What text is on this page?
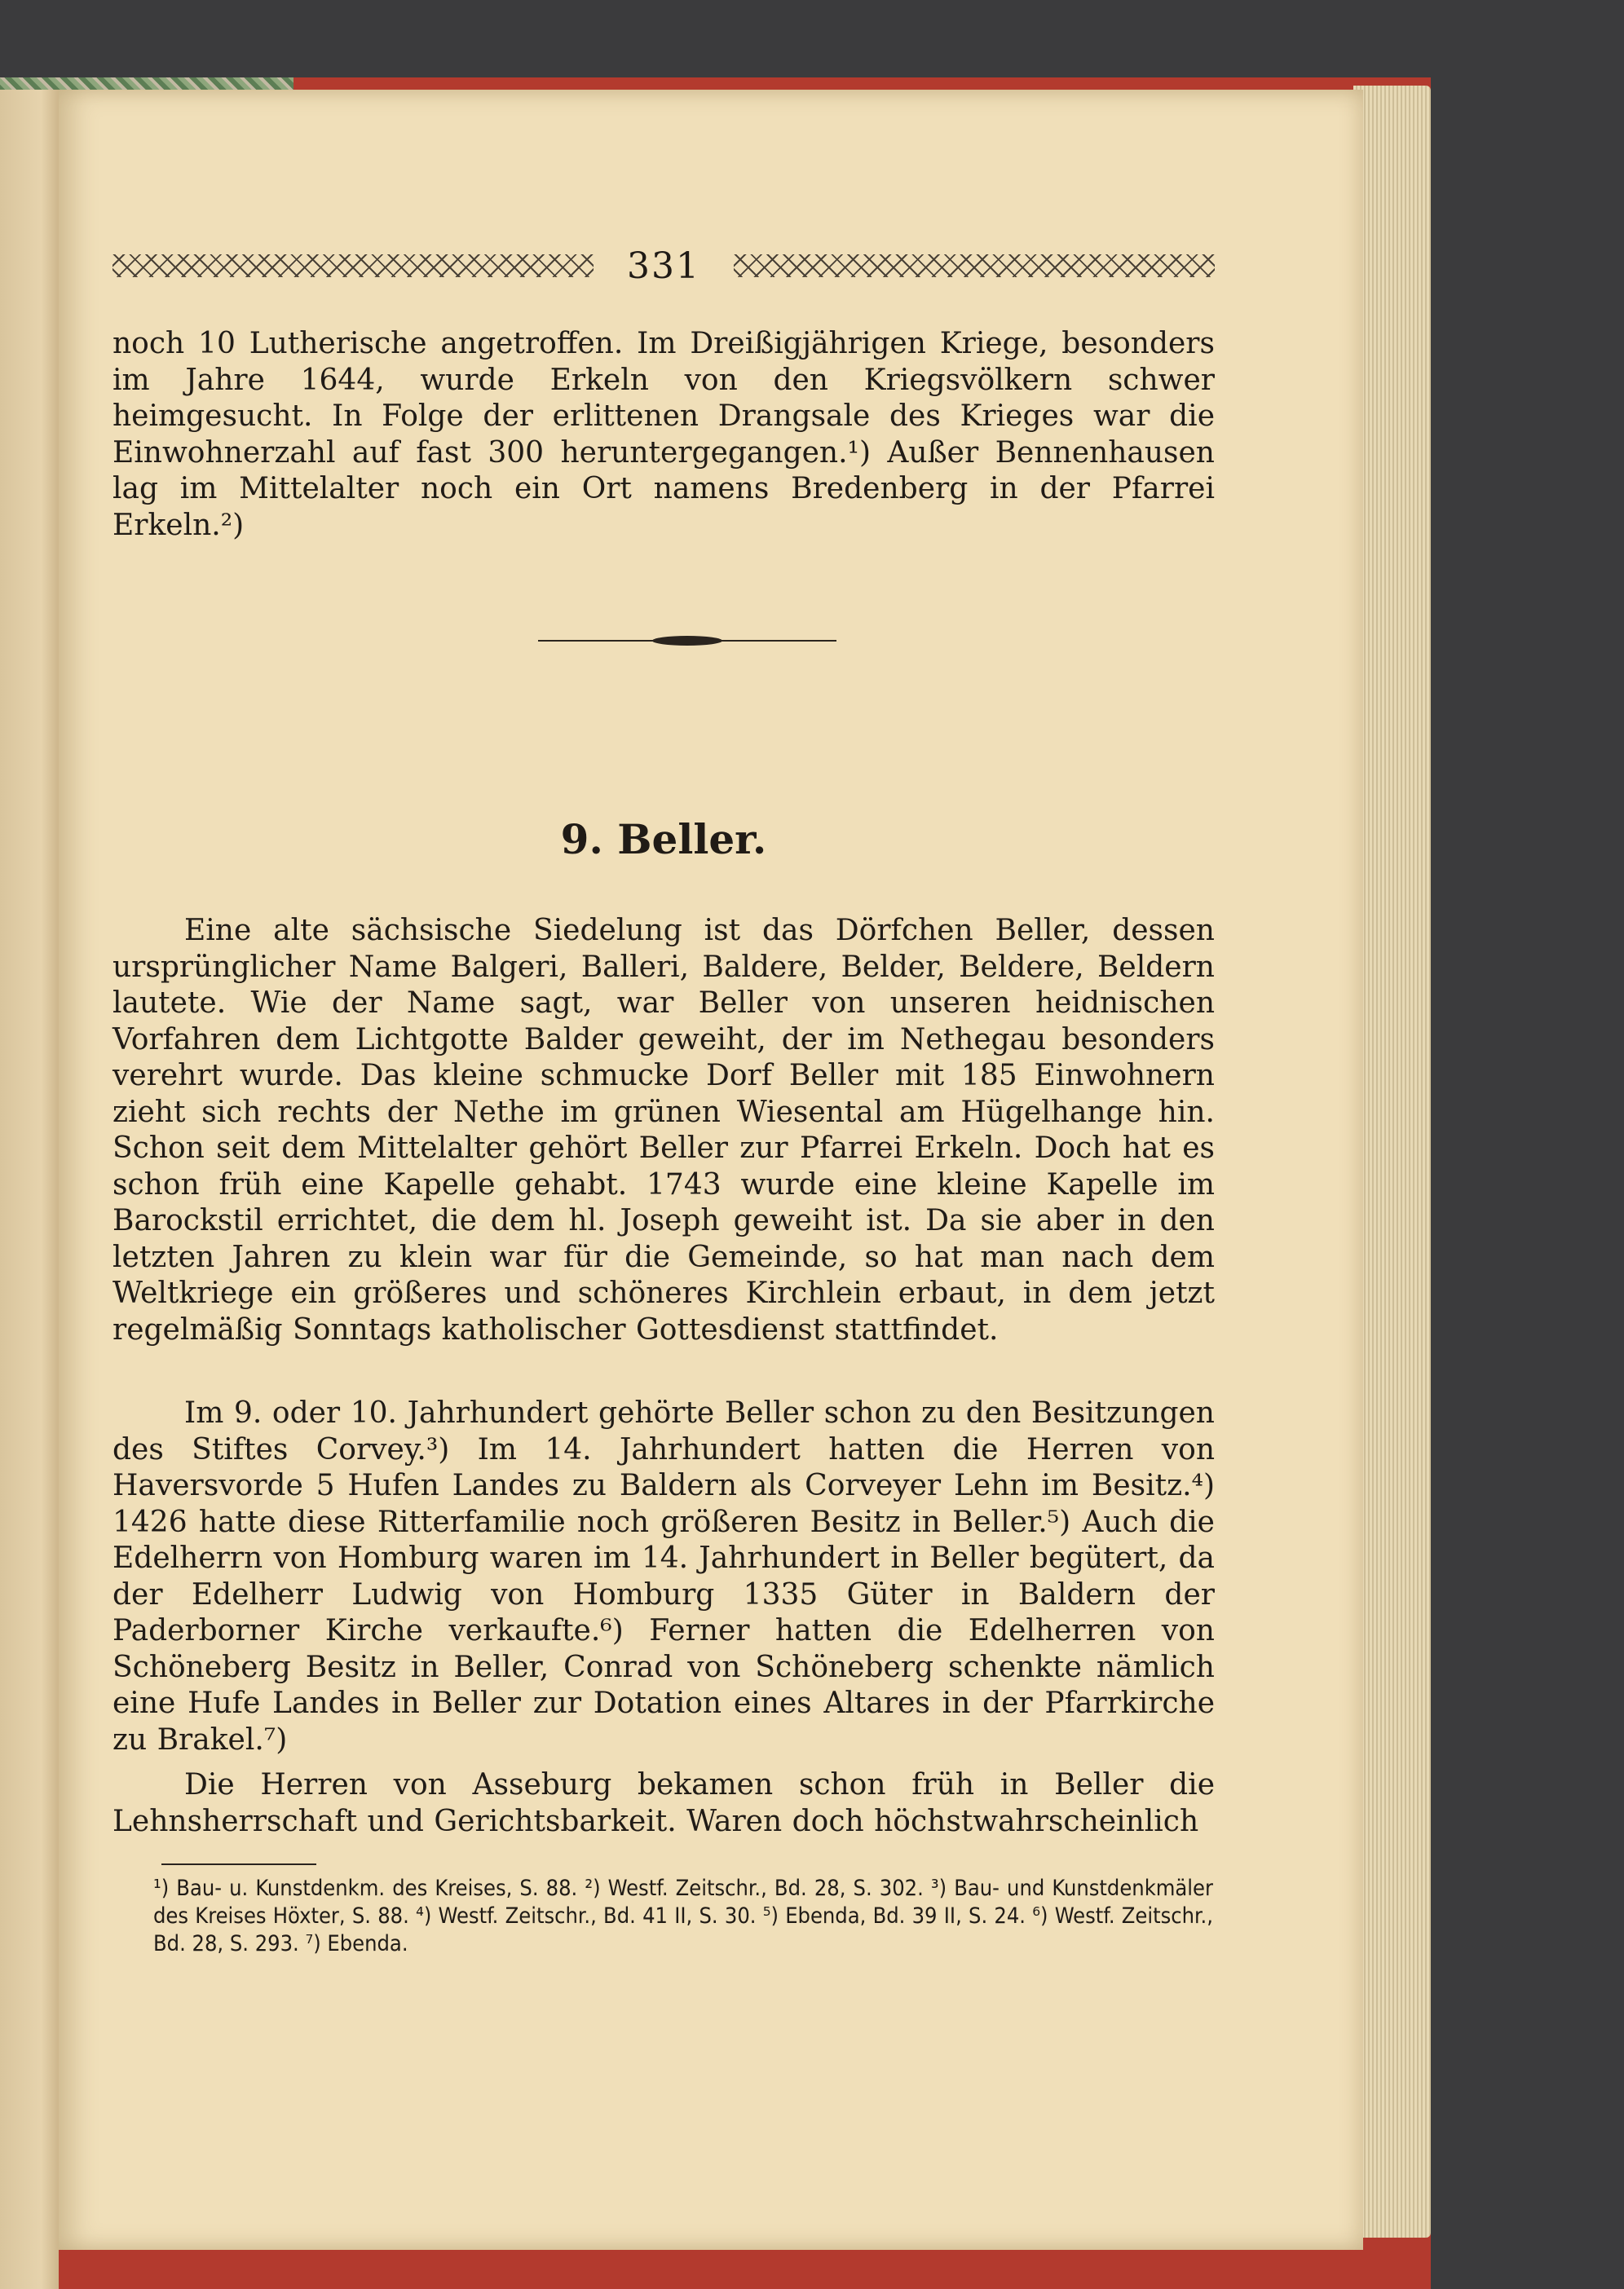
331

noch 10 Lutherische angetroffen. Im Dreißigjährigen Kriege, besonders im Jahre 1644, wurde Erkeln von den Kriegsvölkern schwer heimgesucht. In Folge der erlittenen Drangsale des Krieges war die Einwohnerzahl auf fast 300 heruntergegangen.¹) Außer Bennenhausen lag im Mittelalter noch ein Ort namens Bredenberg in der Pfarrei Erkeln.²)

9. Beller.

Eine alte sächsische Siedelung ist das Dörfchen Beller, dessen ursprünglicher Name Balgeri, Balleri, Baldere, Belder, Beldere, Beldern lautete. Wie der Name sagt, war Beller von unseren heidnischen Vorfahren dem Lichtgotte Balder geweiht, der im Nethegau besonders verehrt wurde. Das kleine schmucke Dorf Beller mit 185 Einwohnern zieht sich rechts der Nethe im grünen Wiesental am Hügelhange hin. Schon seit dem Mittelalter gehört Beller zur Pfarrei Erkeln. Doch hat es schon früh eine Kapelle gehabt. 1743 wurde eine kleine Kapelle im Barockstil errichtet, die dem hl. Joseph geweiht ist. Da sie aber in den letzten Jahren zu klein war für die Gemeinde, so hat man nach dem Weltkriege ein größeres und schöneres Kirchlein erbaut, in dem jetzt regelmäßig Sonntags katholischer Gottesdienst stattfindet.

Im 9. oder 10. Jahrhundert gehörte Beller schon zu den Besitzungen des Stiftes Corvey.³) Im 14. Jahrhundert hatten die Herren von Haversvorde 5 Hufen Landes zu Baldern als Corveyer Lehn im Besitz.⁴) 1426 hatte diese Ritterfamilie noch größeren Besitz in Beller.⁵) Auch die Edelherrn von Homburg waren im 14. Jahrhundert in Beller begütert, da der Edelherr Ludwig von Homburg 1335 Güter in Baldern der Paderborner Kirche verkaufte.⁶) Ferner hatten die Edelherren von Schöneberg Besitz in Beller, Conrad von Schöneberg schenkte nämlich eine Hufe Landes in Beller zur Dotation eines Altares in der Pfarrkirche zu Brakel.⁷)

Die Herren von Asseburg bekamen schon früh in Beller die Lehnsherrschaft und Gerichtsbarkeit. Waren doch höchstwahrscheinlich

¹) Bau- u. Kunstdenkm. des Kreises, S. 88. ²) Westf. Zeitschr., Bd. 28, S. 302. ³) Bau- und Kunstdenkmäler des Kreises Höxter, S. 88. ⁴) Westf. Zeitschr., Bd. 41 II, S. 30. ⁵) Ebenda, Bd. 39 II, S. 24. ⁶) Westf. Zeitschr., Bd. 28, S. 293. ⁷) Ebenda.
